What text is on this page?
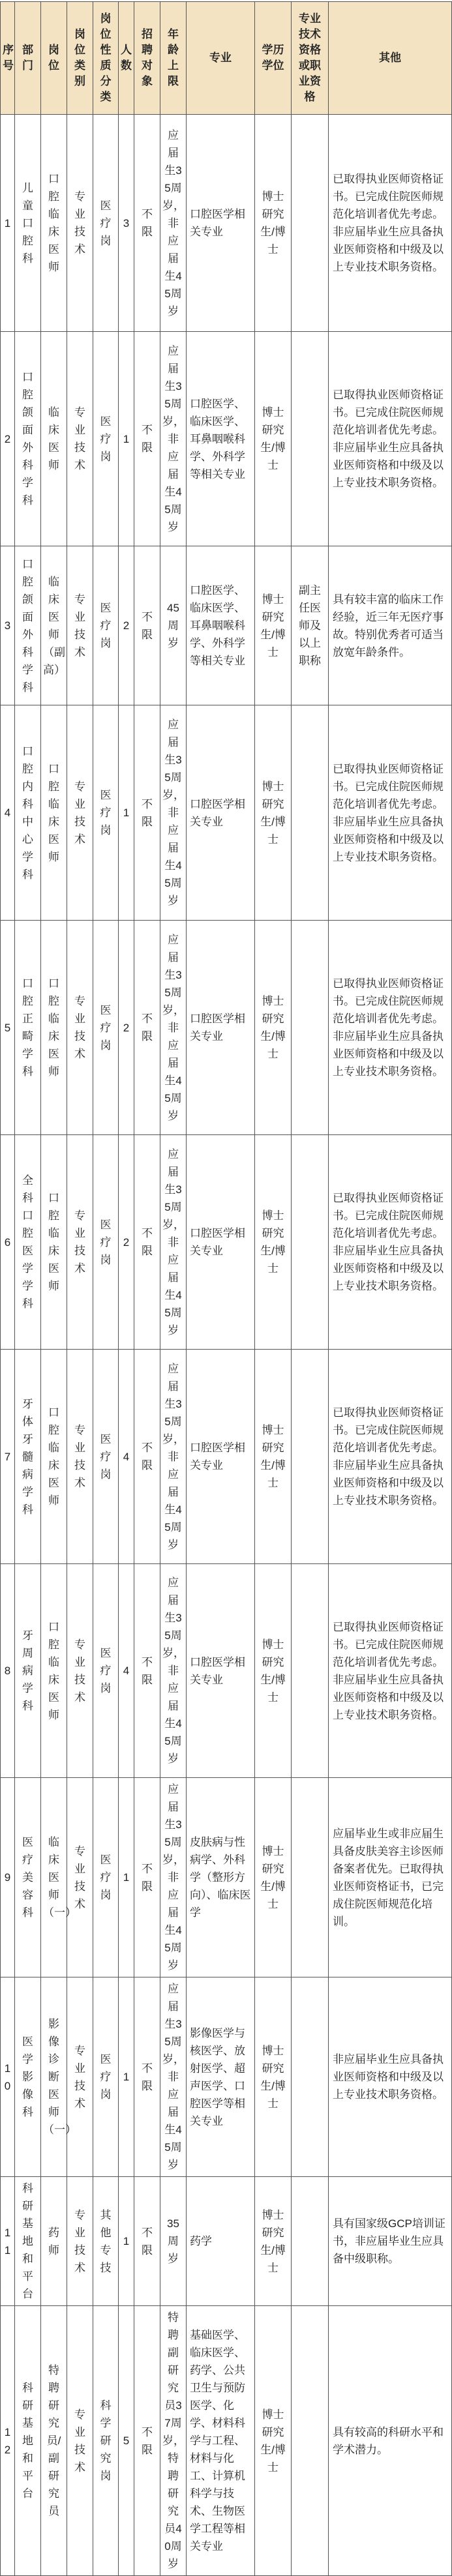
序号	部门	岗位	岗位类别	岗位性质分类	人数	招聘对象	年龄上限	专业	学历学位	专业技术资格或职业资格	其他
1	儿童口腔科	口腔临床医师	专业技术	医疗岗	3	不限	应届生35周岁，非应届生45周岁	口腔医学相关专业	博士研究生/博士		已取得执业医师资格证书。已完成住院医师规范化培训者优先考虑。非应届毕业生应具备执业医师资格和中级及以上专业技术职务资格。
2	口腔颌面外科学科	临床医师	专业技术	医疗岗	1	不限	应届生35周岁，非应届生45周岁	口腔医学、临床医学、耳鼻咽喉科学、外科学等相关专业	博士研究生/博士		已取得执业医师资格证书。已完成住院医师规范化培训者优先考虑。非应届毕业生应具备执业医师资格和中级及以上专业技术职务资格。
3	口腔颌面外科学科	临床医师（副高）	专业技术	医疗岗	2	不限	45周岁	口腔医学、临床医学、耳鼻咽喉科学、外科学等相关专业	博士研究生/博士	副主任医师及以上职称	具有较丰富的临床工作经验，近三年无医疗事故。特别优秀者可适当放宽年龄条件。
4	口腔内科中心学科	口腔临床医师	专业技术	医疗岗	1	不限	应届生35周岁，非应届生45周岁	口腔医学相关专业	博士研究生/博士		已取得执业医师资格证书。已完成住院医师规范化培训者优先考虑。非应届毕业生应具备执业医师资格和中级及以上专业技术职务资格。
5	口腔正畸学科	口腔临床医师	专业技术	医疗岗	2	不限	应届生35周岁，非应届生45周岁	口腔医学相关专业	博士研究生/博士		已取得执业医师资格证书。已完成住院医师规范化培训者优先考虑。非应届毕业生应具备执业医师资格和中级及以上专业技术职务资格。
6	全科口腔医学学科	口腔临床医师	专业技术	医疗岗	2	不限	应届生35周岁，非应届生45周岁	口腔医学相关专业	博士研究生/博士		已取得执业医师资格证书。已完成住院医师规范化培训者优先考虑。非应届毕业生应具备执业医师资格和中级及以上专业技术职务资格。
7	牙体牙髓病学科	口腔临床医师	专业技术	医疗岗	4	不限	应届生35周岁，非应届生45周岁	口腔医学相关专业	博士研究生/博士		已取得执业医师资格证书。已完成住院医师规范化培训者优先考虑。非应届毕业生应具备执业医师资格和中级及以上专业技术职务资格。
8	牙周病学科	口腔临床医师	专业技术	医疗岗	4	不限	应届生35周岁，非应届生45周岁	口腔医学相关专业	博士研究生/博士		已取得执业医师资格证书。已完成住院医师规范化培训者优先考虑。非应届毕业生应具备执业医师资格和中级及以上专业技术职务资格。
9	医疗美容科	临床医师（一）	专业技术	医疗岗	1	不限	应届生35周岁，非应届生45周岁	皮肤病与性病学、外科学（整形方向）、临床医学	博士研究生/博士		应届毕业生或非应届生具备皮肤美容主诊医师备案者优先。已取得执业医师资格证书，已完成住院医师规范化培训。
10	医学影像科	影像诊断医师（一）	专业技术	医疗岗	1	不限	应届生35周岁，非应届生45周岁	影像医学与核医学、放射医学、超声医学、口腔医学等相关专业	博士研究生/博士		非应届毕业生应具备执业医师资格和中级及以上专业技术职务资格。
11	科研基地和平台	药师	专业技术	其他专技	1	不限	35周岁	药学	博士研究生/博士		具有国家级GCP培训证书，非应届毕业生应具备中级职称。
12	科研基地和平台	特聘研究员/副研究员	专业技术	科学研究岗	5	不限	特聘副研究员37周岁，特聘研究员40周岁	基础医学、临床医学、药学、公共卫生与预防医学、化学、材料科学与工程、材料与化工、计算机科学与技术、生物医学工程等相关专业	博士研究生/博士		具有较高的科研水平和学术潜力。
